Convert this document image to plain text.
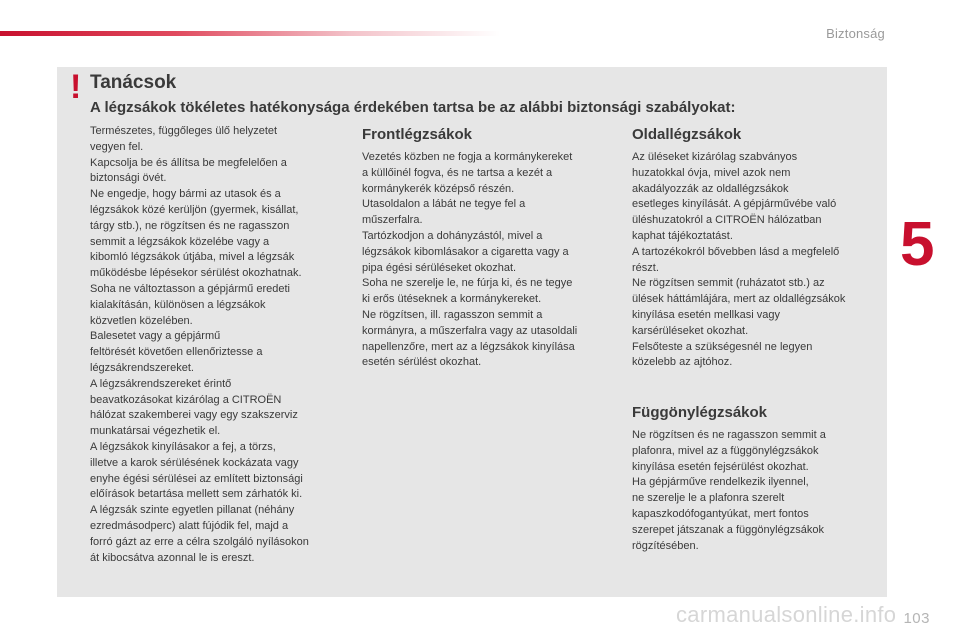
Biztonság
5
103
carmanualsonline.info
! Tanácsok
A légzsákok tökéletes hatékonysága érdekében tartsa be az alábbi biztonsági szabályokat:
Természetes, függőleges ülő helyzetet
vegyen fel.
Kapcsolja be és állítsa be megfelelően a
biztonsági övét.
Ne engedje, hogy bármi az utasok és a
légzsákok közé kerüljön (gyermek, kisállat,
tárgy stb.), ne rögzítsen és ne ragasszon
semmit a légzsákok közelébe vagy a
kibomló légzsákok útjába, mivel a légzsák
működésbe lépésekor sérülést okozhatnak.
Soha ne változtasson a gépjármű eredeti
kialakításán, különösen a légzsákok
közvetlen közelében.
Balesetet vagy a gépjármű
feltörését követően ellenőriztesse a
légzsákrendszereket.
A légzsákrendszereket érintő
beavatkozásokat kizárólag a CITROËN
hálózat szakemberei vagy egy szakszerviz
munkatársai végezhetik el.
A légzsákok kinyílásakor a fej, a törzs,
illetve a karok sérülésének kockázata vagy
enyhe égési sérülései az említett biztonsági
előírások betartása mellett sem zárhatók ki.
A légzsák szinte egyetlen pillanat (néhány
ezredmásodperc) alatt fújódik fel, majd a
forró gázt az erre a célra szolgáló nyílásokon
át kibocsátva azonnal le is ereszt.
Frontlégzsákok
Vezetés közben ne fogja a kormánykereket
a küllőinél fogva, és ne tartsa a kezét a
kormánykerék középső részén.
Utasoldalon a lábát ne tegye fel a
műszerfalra.
Tartózkodjon a dohányzástól, mivel a
légzsákok kibomlásakor a cigaretta vagy a
pipa égési sérüléseket okozhat.
Soha ne szerelje le, ne fúrja ki, és ne tegye
ki erős ütéseknek a kormánykereket.
Ne rögzítsen, ill. ragasszon semmit a
kormányra, a műszerfalra vagy az utasoldali
napellenzőre, mert az a légzsákok kinyílása
esetén sérülést okozhat.
Oldallégzsákok
Az üléseket kizárólag szabványos
huzatokkal óvja, mivel azok nem
akadályozzák az oldallégzsákok
esetleges kinyílását. A gépjárművébe való
üléshuzatokról a CITROËN hálózatban
kaphat tájékoztatást.
A tartozékokról bővebben lásd a megfelelő
részt.
Ne rögzítsen semmit (ruházatot stb.) az
ülések háttámlájára, mert az oldallégzsákok
kinyílása esetén mellkasi vagy
karsérüléseket okozhat.
Felsőteste a szükségesnél ne legyen
közelebb az ajtóhoz.
Függönylégzsákok
Ne rögzítsen és ne ragasszon semmit a
plafonra, mivel az a függönylégzsákok
kinyílása esetén fejsérülést okozhat.
Ha gépjárműve rendelkezik ilyennel,
ne szerelje le a plafonra szerelt
kapaszkodófogantyúkat, mert fontos
szerepet játszanak a függönylégzsákok
rögzítésében.
